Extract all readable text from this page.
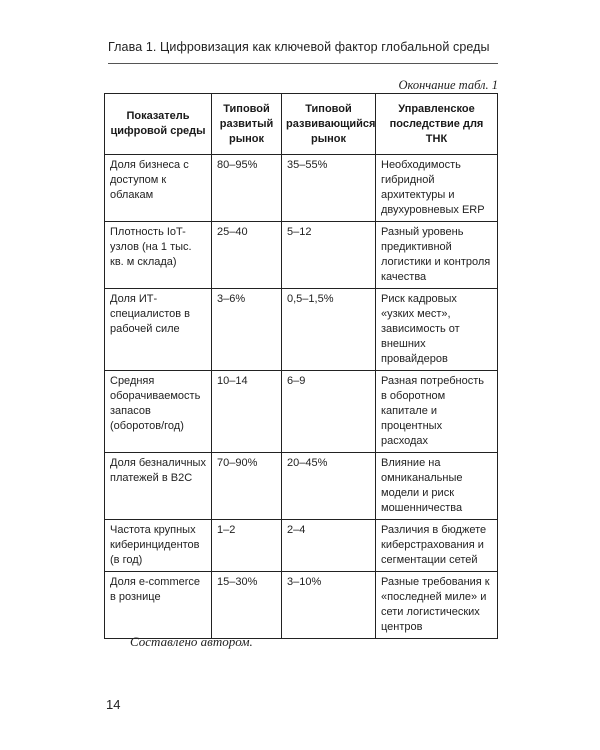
Глава 1. Цифровизация как ключевой фактор глобальной среды
Окончание табл. 1
Показатель цифровой среды	Типовой развитый рынок	Типовой развивающийся рынок	Управленское последствие для ТНК
Доля бизнеса с доступом к облакам	80–95%	35–55%	Необходимость гибридной архитектуры и двухуровневых ERP
Плотность IoT-узлов (на 1 тыс. кв. м склада)	25–40	5–12	Разный уровень предиктивной логистики и контроля качества
Доля ИТ-специалистов в рабочей силе	3–6%	0,5–1,5%	Риск кадровых «узких мест», зависимость от внешних провайдеров
Средняя оборачиваемость запасов (оборотов/год)	10–14	6–9	Разная потребность в оборотном капитале и процентных расходах
Доля безналичных платежей в B2C	70–90%	20–45%	Влияние на омниканальные модели и риск мошенничества
Частота крупных киберинцидентов (в год)	1–2	2–4	Различия в бюджете киберстрахования и сегментации сетей
Доля e-commerce в рознице	15–30%	3–10%	Разные требования к «последней миле» и сети логистических центров
Составлено автором.
14
